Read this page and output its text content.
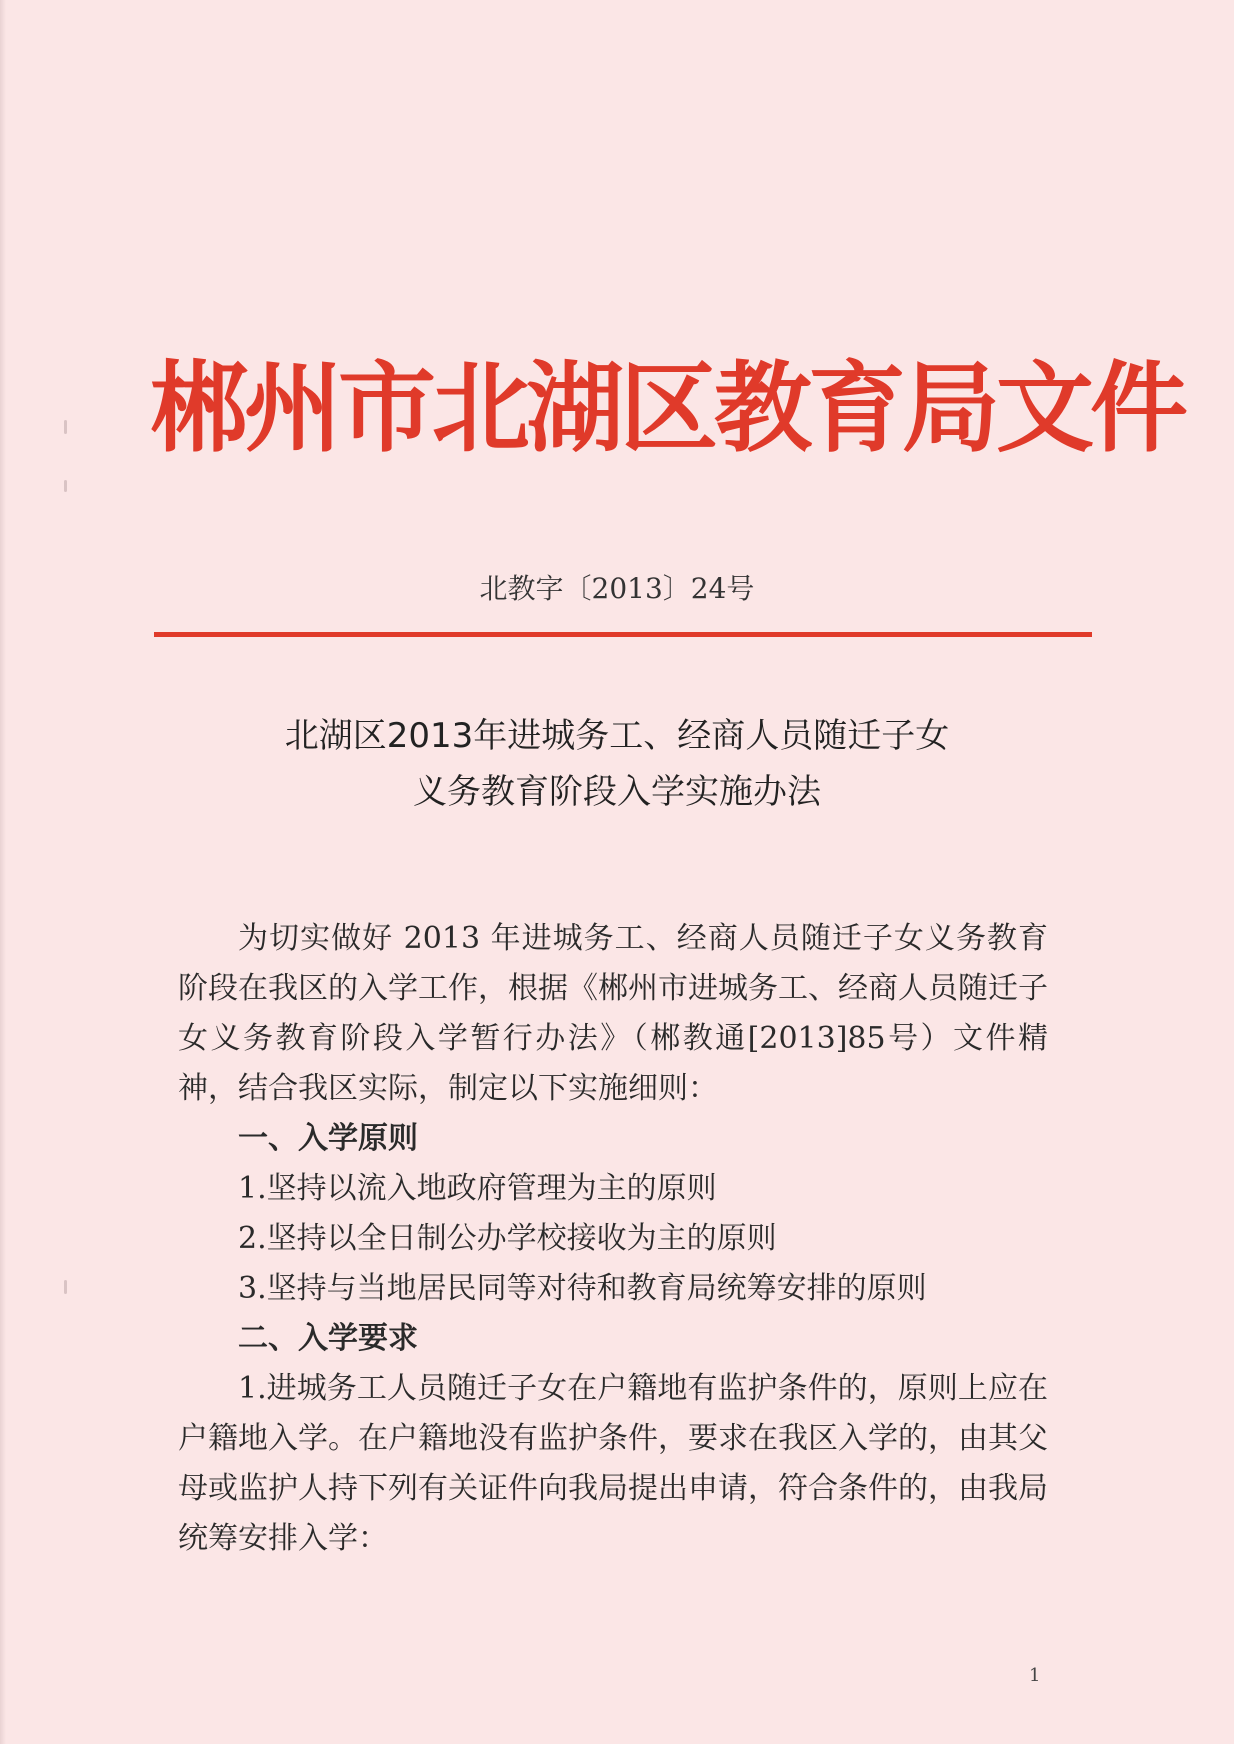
郴州市北湖区教育局文件
北教字〔2013〕24号
北湖区2013年进城务工、经商人员随迁子女
义务教育阶段入学实施办法
为切实做好 2013 年进城务工、经商人员随迁子女义务教育阶段在我区的入学工作，根据《郴州市进城务工、经商人员随迁子女义务教育阶段入学暂行办法》（郴教通[2013]85号）文件精神，结合我区实际，制定以下实施细则：
一、入学原则
1.坚持以流入地政府管理为主的原则
2.坚持以全日制公办学校接收为主的原则
3.坚持与当地居民同等对待和教育局统筹安排的原则
二、入学要求
1.进城务工人员随迁子女在户籍地有监护条件的，原则上应在户籍地入学。在户籍地没有监护条件，要求在我区入学的，由其父母或监护人持下列有关证件向我局提出申请，符合条件的，由我局统筹安排入学：
1
